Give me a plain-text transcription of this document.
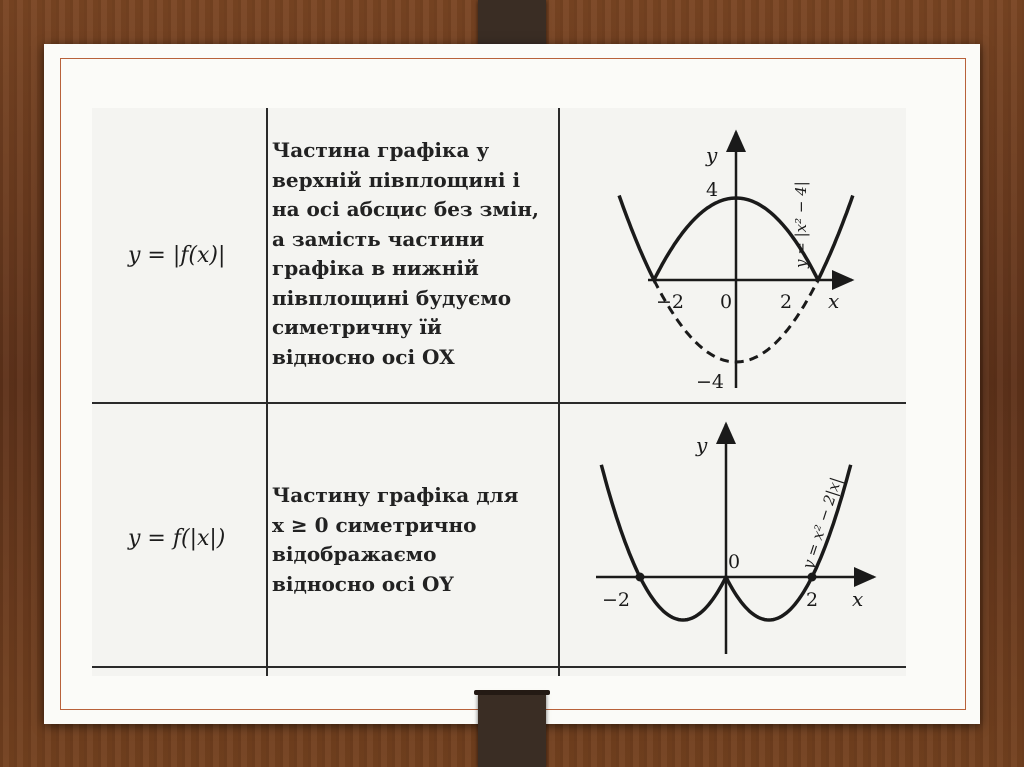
y = |f(x)|
Частина графіка у
верхній півплощині і
на осі абсцис без змін,
а замість частини
графіка в нижній
півплощині будуємо
симетричну їй
відносно осі OX
y
x
4
−2 0	2
−4
y = |x² − 4|
y = f(|x|)
Частину графіка для
x ≥ 0 симетрично
відображаємо
відносно осі OY
y
x
0
−2	2
y = x² − 2|x|
